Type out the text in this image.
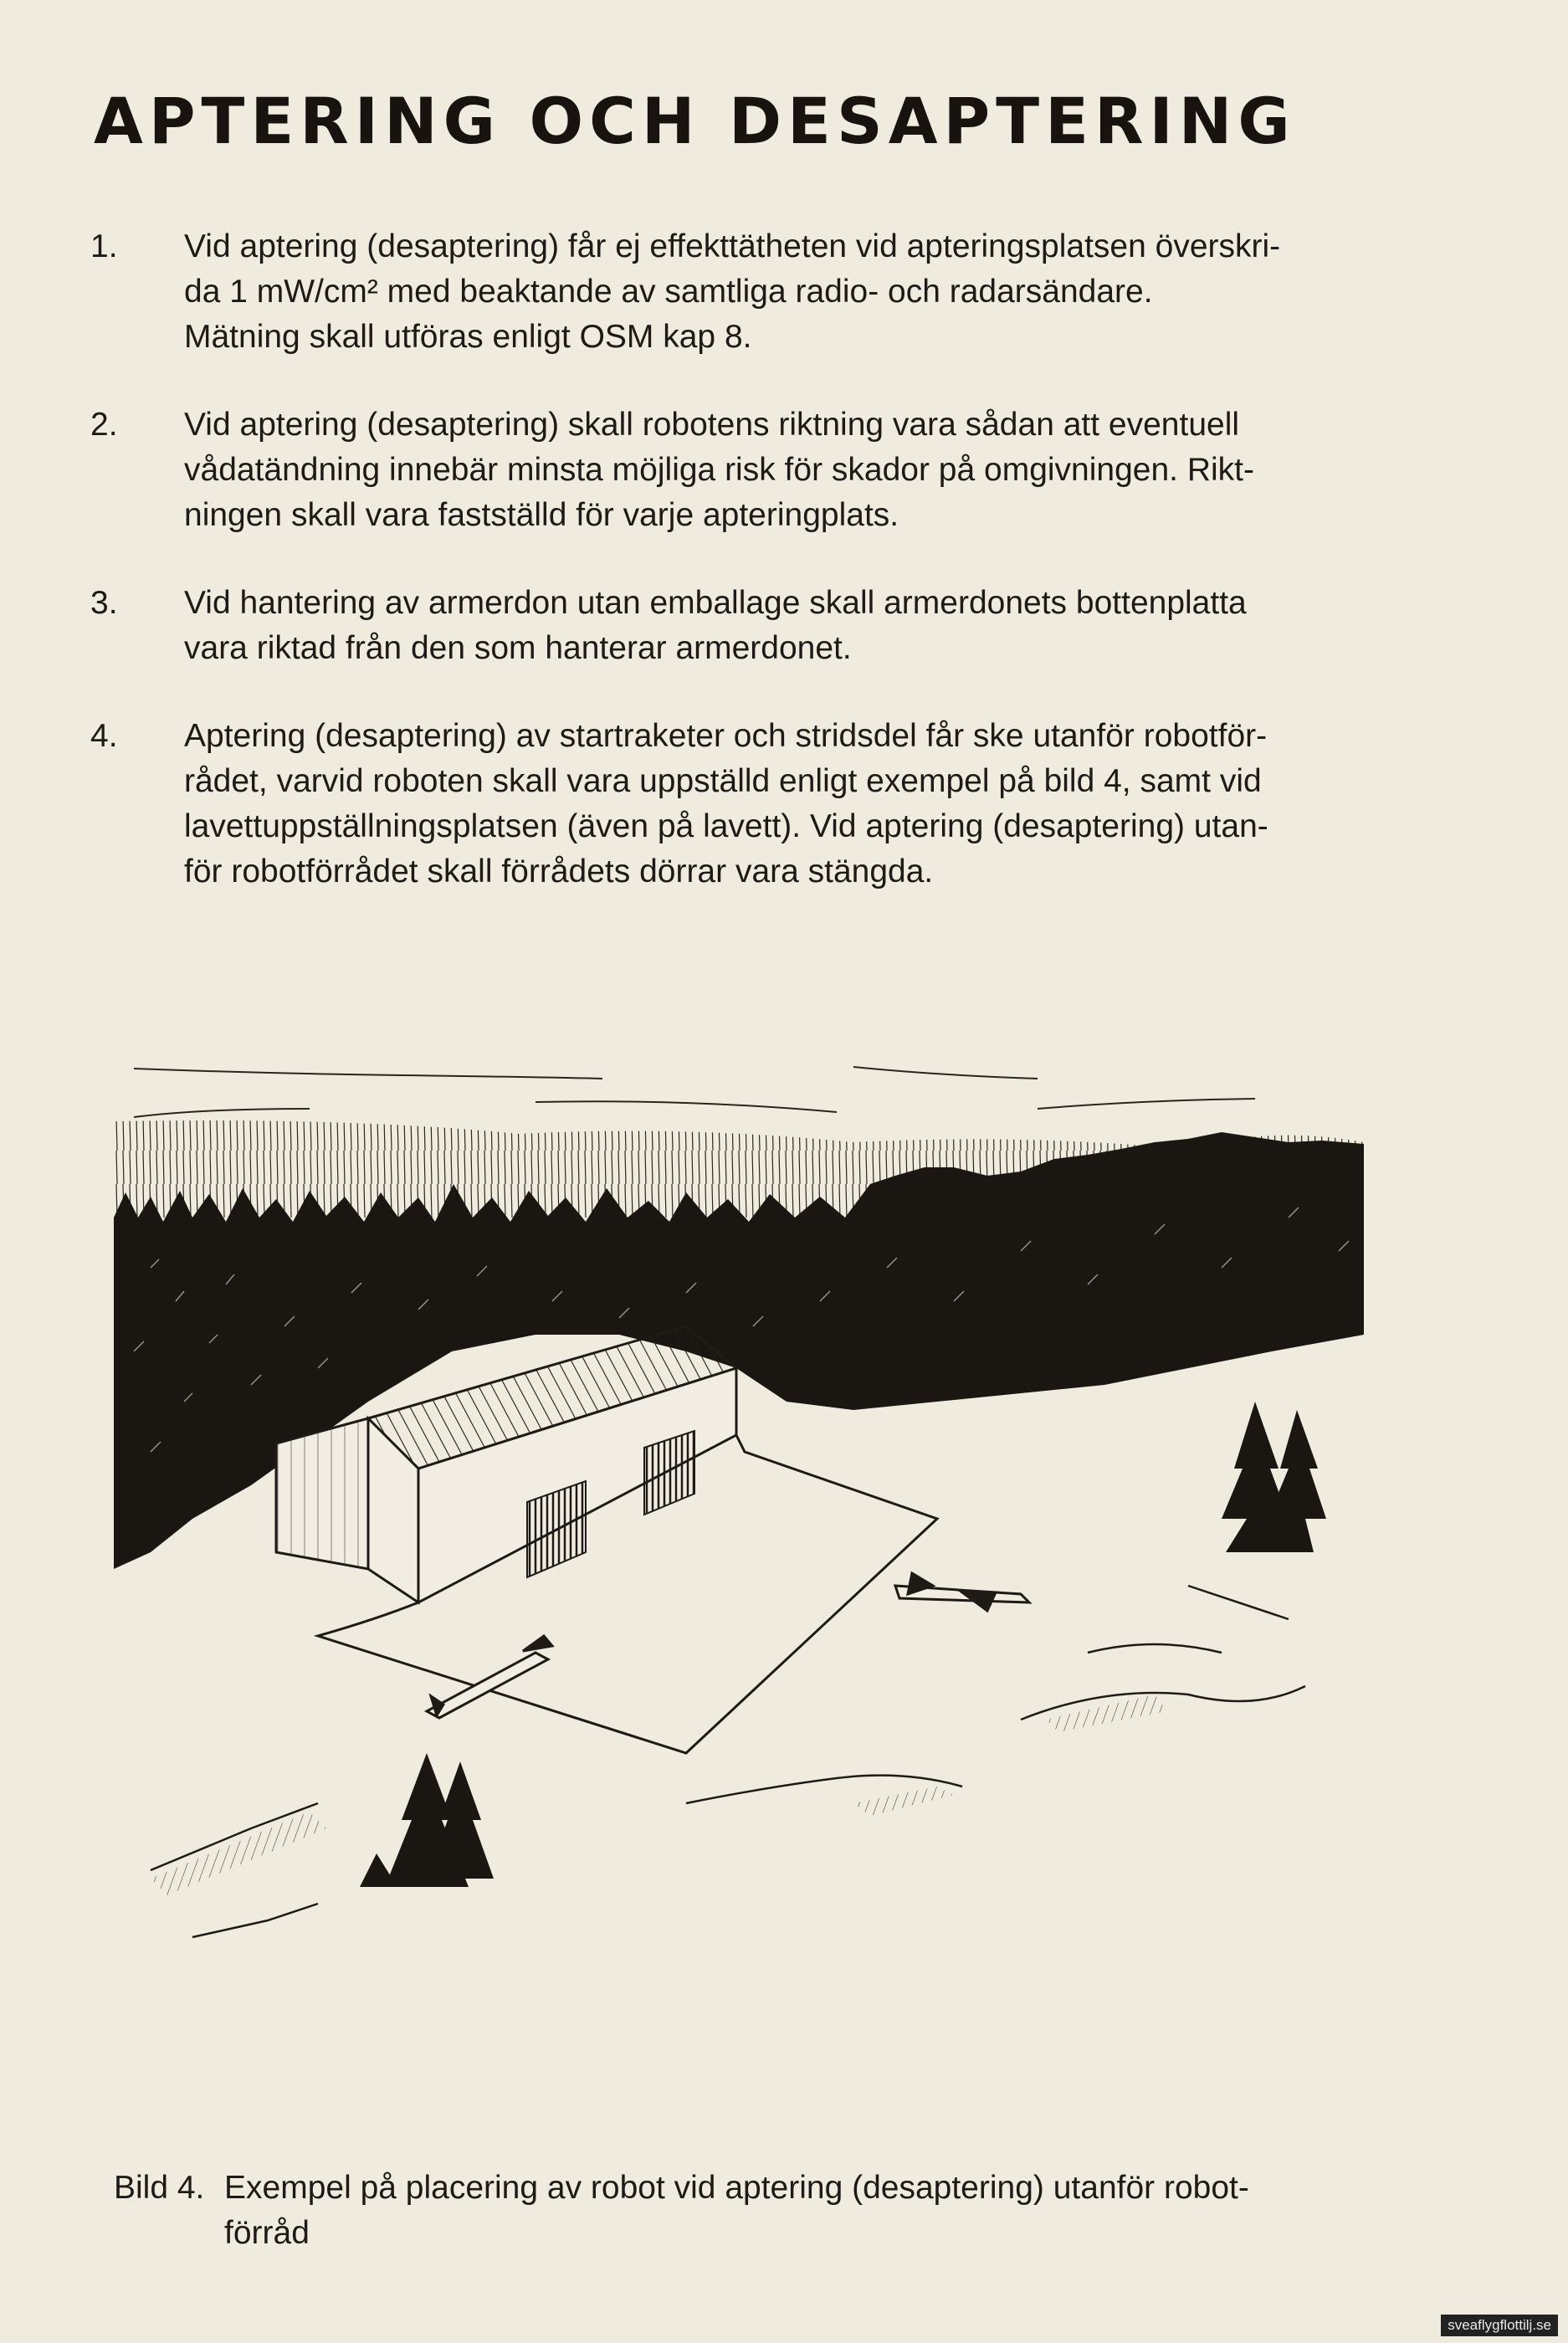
APTERING OCH DESAPTERING
1.	Vid aptering (desaptering) får ej effekttätheten vid apteringsplatsen överskri-
da 1 mW/cm² med beaktande av samtliga radio- och radarsändare.
Mätning skall utföras enligt OSM kap 8.
2.	Vid aptering (desaptering) skall robotens riktning vara sådan att eventuell
vådatändning innebär minsta möjliga risk för skador på omgivningen. Rikt-
ningen skall vara fastställd för varje apteringplats.
3.	Vid hantering av armerdon utan emballage skall armerdonets bottenplatta
vara riktad från den som hanterar armerdonet.
4.	Aptering (desaptering) av startraketer och stridsdel får ske utanför robotför-
rådet, varvid roboten skall vara uppställd enligt exempel på bild 4, samt vid
lavettuppställningsplatsen (även på lavett). Vid aptering (desaptering) utan-
för robotförrådet skall förrådets dörrar vara stängda.
Bild 4. Exempel på placering av robot vid aptering (desaptering) utanför robot-
förråd
sveaflygflottilj.se
